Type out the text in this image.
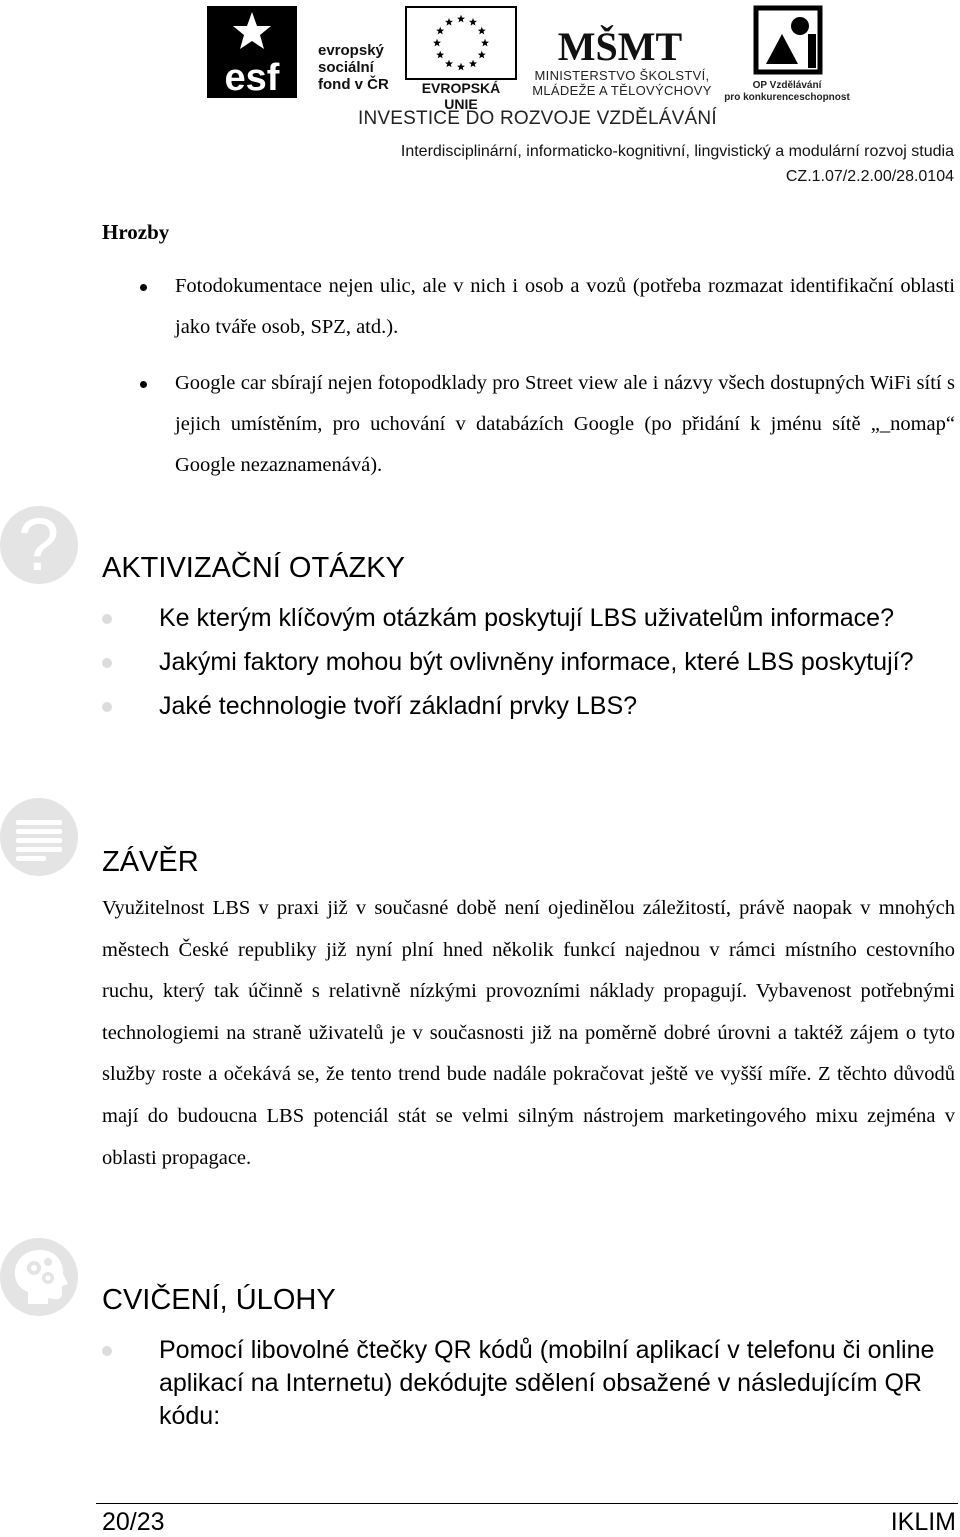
esf
evropský
sociální
fond v ČR	EVROPSKÁ UNIE
MŠMT
MINISTERSTVO ŠKOLSTVÍ,
MLÁDEŽE A TĚLOVÝCHOVY	OP Vzdělávání
pro konkurenceschopnost
INVESTICE DO ROZVOJE VZDĚLÁVÁNÍ
Interdisciplinární, informaticko-kognitivní, lingvistický a modulární rozvoj studia
CZ.1.07/2.2.00/28.0104
Hrozby
Fotodokumentace nejen ulic, ale v nich i osob a vozů (potřeba rozmazat identifikační oblasti jako tváře osob, SPZ, atd.).
Google car sbírají nejen fotopodklady pro Street view ale i názvy všech dostupných WiFi sítí s jejich umístěním, pro uchování v databázích Google (po přidání k jménu sítě „_nomap“ Google nezaznamenává).
? AKTIVIZAČNÍ OTÁZKY
Ke kterým klíčovým otázkám poskytují LBS uživatelům informace?
Jakými faktory mohou být ovlivněny informace, které LBS poskytují?
Jaké technologie tvoří základní prvky LBS?
ZÁVĚR
Využitelnost LBS v praxi již v současné době není ojedinělou záležitostí, právě naopak v mnohých městech České republiky již nyní plní hned několik funkcí najednou v rámci místního cestovního ruchu, který tak účinně s relativně nízkými provozními náklady propagují. Vybavenost potřebnými technologiemi na straně uživatelů je v současnosti již na poměrně dobré úrovni a taktéž zájem o tyto služby roste a očekává se, že tento trend bude nadále pokračovat ještě ve vyšší míře. Z těchto důvodů mají do budoucna LBS potenciál stát se velmi silným nástrojem marketingového mixu zejména v oblasti propagace.
CVIČENÍ, ÚLOHY
Pomocí libovolné čtečky QR kódů (mobilní aplikací v telefonu či online aplikací na Internetu) dekódujte sdělení obsažené v následujícím QR kódu:
20/23	IKLIM
